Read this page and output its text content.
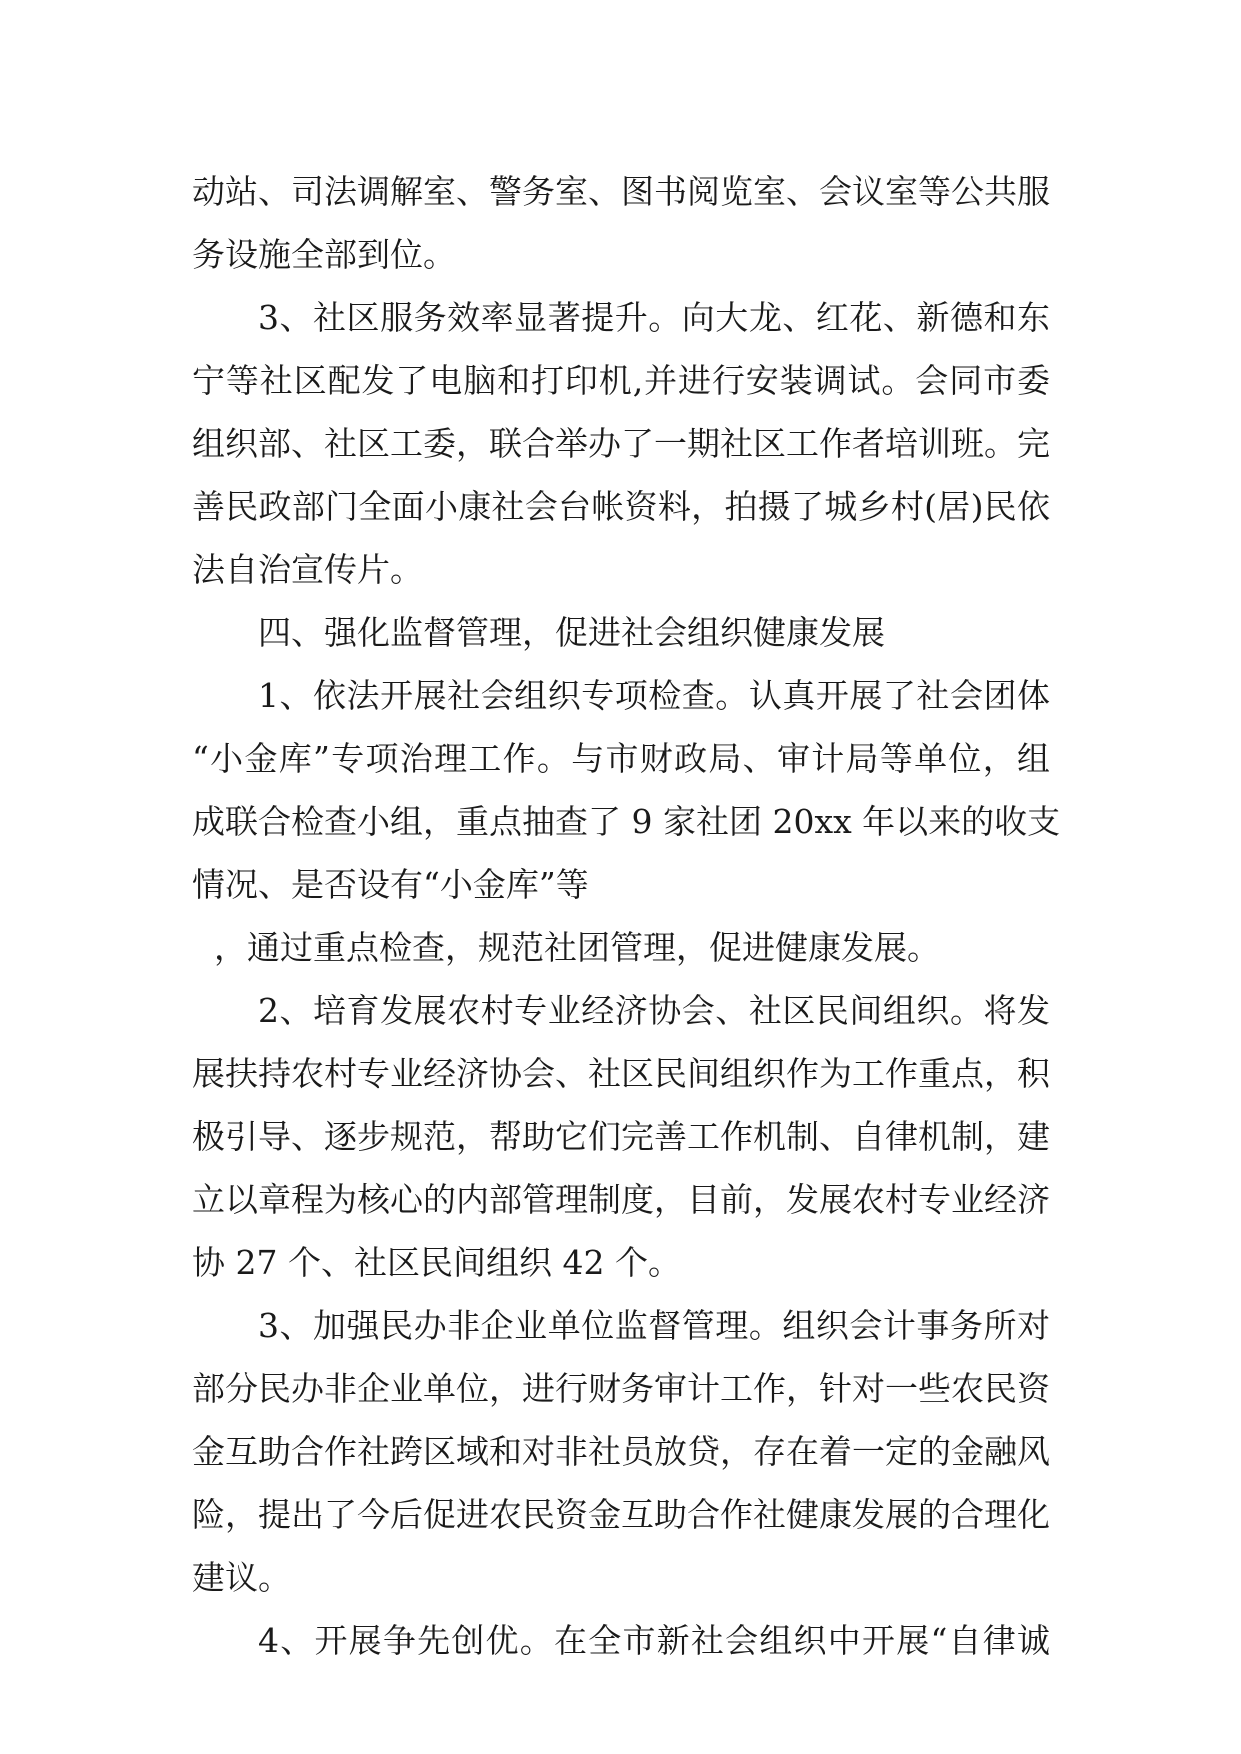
动站、司法调解室、警务室、图书阅览室、会议室等公共服
务设施全部到位。
3、社区服务效率显著提升。向大龙、红花、新德和东
宁等社区配发了电脑和打印机,并进行安装调试。会同市委
组织部、社区工委，联合举办了一期社区工作者培训班。完
善民政部门全面小康社会台帐资料，拍摄了城乡村(居)民依
法自治宣传片。
四、强化监督管理，促进社会组织健康发展
1、依法开展社会组织专项检查。认真开展了社会团体
“小金库”专项治理工作。与市财政局、审计局等单位，组
成联合检查小组，重点抽查了 9 家社团 20xx 年以来的收支
情况、是否设有“小金库”等
，通过重点检查，规范社团管理，促进健康发展。
2、培育发展农村专业经济协会、社区民间组织。将发
展扶持农村专业经济协会、社区民间组织作为工作重点，积
极引导、逐步规范，帮助它们完善工作机制、自律机制，建
立以章程为核心的内部管理制度，目前，发展农村专业经济
协 27 个、社区民间组织 42 个。
3、加强民办非企业单位监督管理。组织会计事务所对
部分民办非企业单位，进行财务审计工作，针对一些农民资
金互助合作社跨区域和对非社员放贷，存在着一定的金融风
险，提出了今后促进农民资金互助合作社健康发展的合理化
建议。
4、开展争先创优。在全市新社会组织中开展“自律诚
